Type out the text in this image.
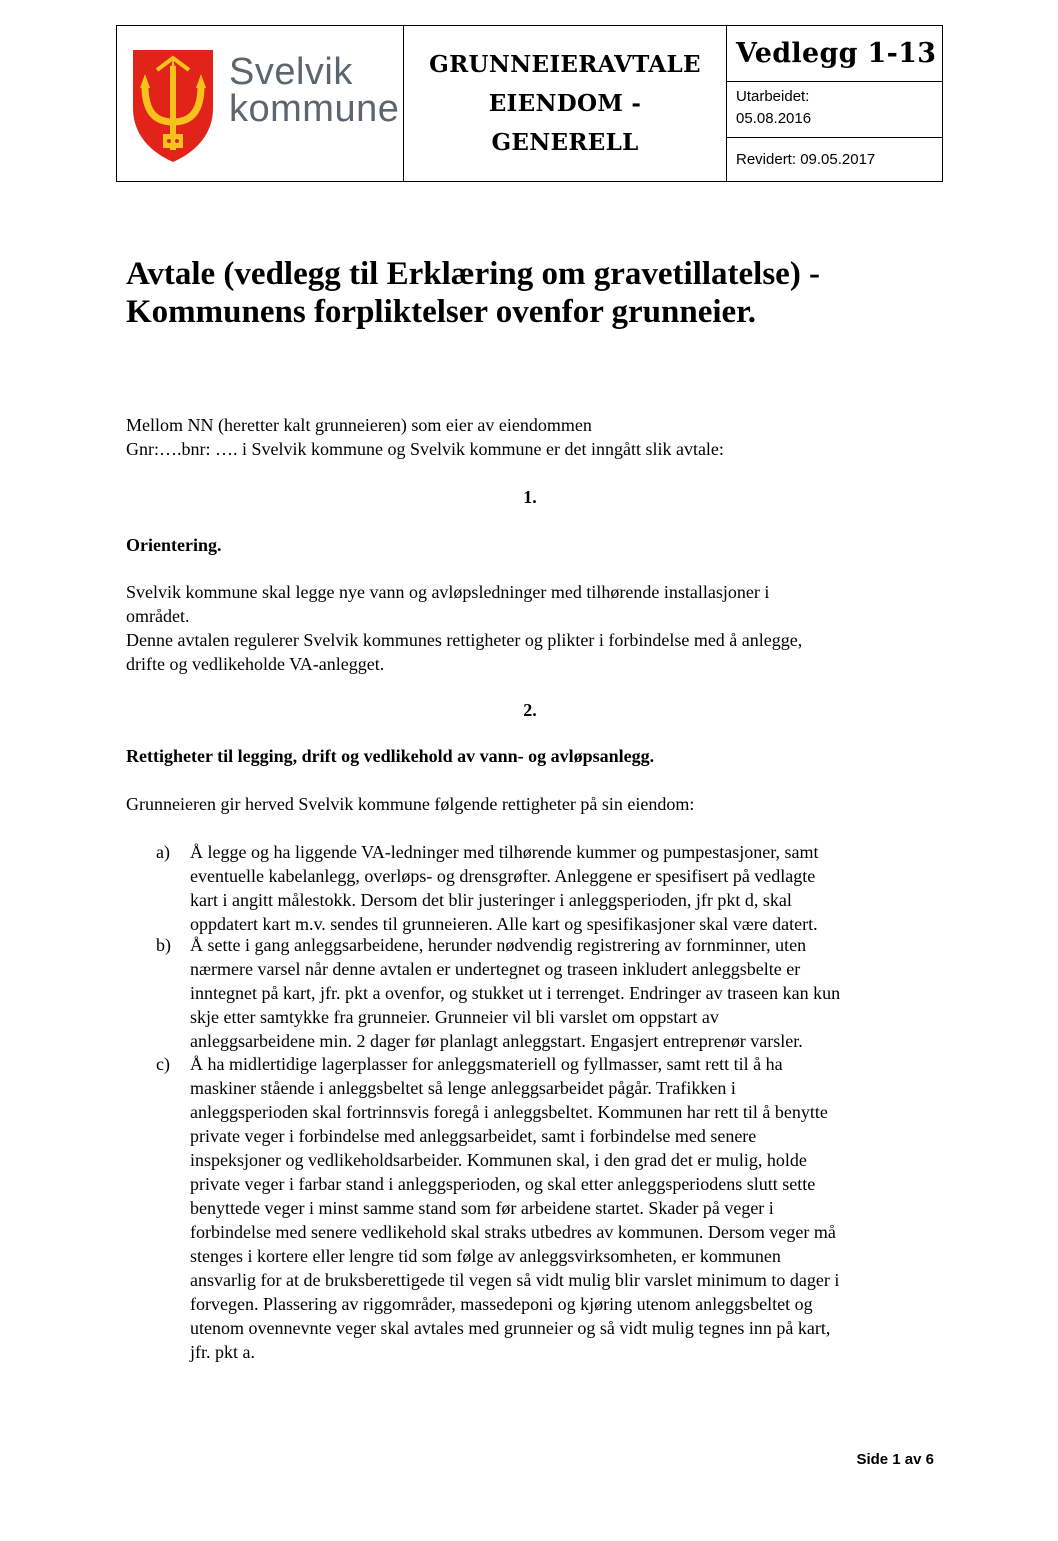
Svelvik
kommune
GRUNNEIERAVTALE
EIENDOM -
GENERELL
Vedlegg 1-13
Utarbeidet:
05.08.2016
Revidert: 09.05.2017
Avtale (vedlegg til Erklæring om gravetillatelse) -
Kommunens forpliktelser ovenfor grunneier.
Mellom NN (heretter kalt grunneieren) som eier av eiendommen
Gnr:….bnr: …. i Svelvik kommune og Svelvik kommune er det inngått slik avtale:
1.
Orientering.
Svelvik kommune skal legge nye vann og avløpsledninger med tilhørende installasjoner i
området.
Denne avtalen regulerer Svelvik kommunes rettigheter og plikter i forbindelse med å anlegge,
drifte og vedlikeholde VA-anlegget.
2.
Rettigheter til legging, drift og vedlikehold av vann- og avløpsanlegg.
Grunneieren gir herved Svelvik kommune følgende rettigheter på sin eiendom:
a) Å legge og ha liggende VA-ledninger med tilhørende kummer og pumpestasjoner, samt
eventuelle kabelanlegg, overløps- og drensgrøfter. Anleggene er spesifisert på vedlagte
kart i angitt målestokk. Dersom det blir justeringer i anleggsperioden, jfr pkt d, skal
oppdatert kart m.v. sendes til grunneieren. Alle kart og spesifikasjoner skal være datert.
b) Å sette i gang anleggsarbeidene, herunder nødvendig registrering av fornminner, uten
nærmere varsel når denne avtalen er undertegnet og traseen inkludert anleggsbelte er
inntegnet på kart, jfr. pkt a ovenfor, og stukket ut i terrenget. Endringer av traseen kan kun
skje etter samtykke fra grunneier. Grunneier vil bli varslet om oppstart av
anleggsarbeidene min. 2 dager før planlagt anleggstart. Engasjert entreprenør varsler.
c) Å ha midlertidige lagerplasser for anleggsmateriell og fyllmasser, samt rett til å ha
maskiner stående i anleggsbeltet så lenge anleggsarbeidet pågår. Trafikken i
anleggsperioden skal fortrinnsvis foregå i anleggsbeltet. Kommunen har rett til å benytte
private veger i forbindelse med anleggsarbeidet, samt i forbindelse med senere
inspeksjoner og vedlikeholdsarbeider. Kommunen skal, i den grad det er mulig, holde
private veger i farbar stand i anleggsperioden, og skal etter anleggsperiodens slutt sette
benyttede veger i minst samme stand som før arbeidene startet. Skader på veger i
forbindelse med senere vedlikehold skal straks utbedres av kommunen. Dersom veger må
stenges i kortere eller lengre tid som følge av anleggsvirksomheten, er kommunen
ansvarlig for at de bruksberettigede til vegen så vidt mulig blir varslet minimum to dager i
forvegen. Plassering av riggområder, massedeponi og kjøring utenom anleggsbeltet og
utenom ovennevnte veger skal avtales med grunneier og så vidt mulig tegnes inn på kart,
jfr. pkt a.
Side 1 av 6
